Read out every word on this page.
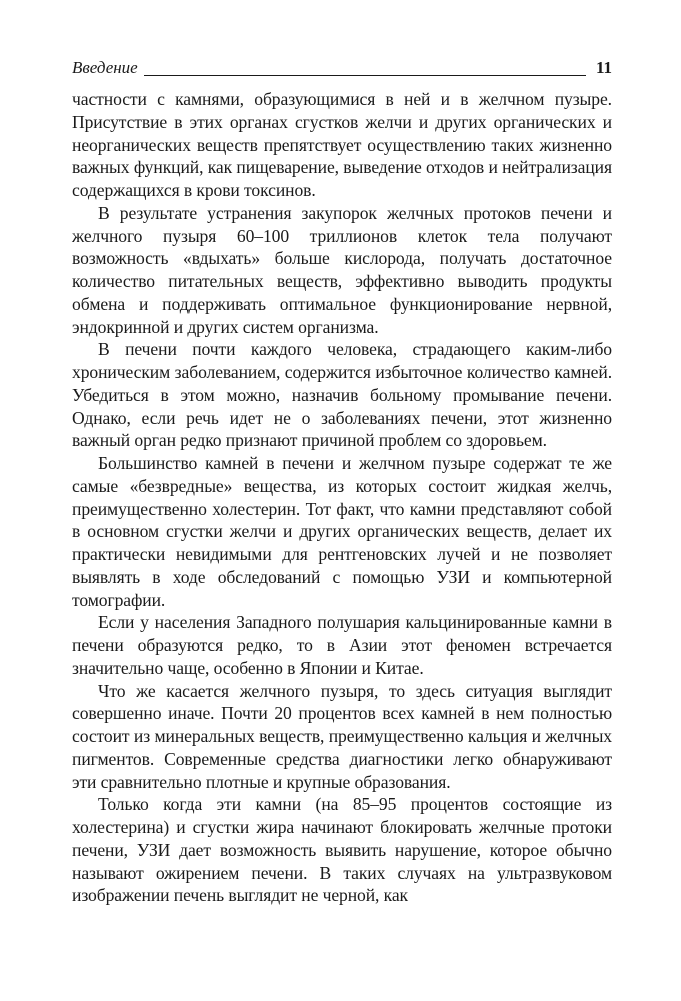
Введение	11

частности с камнями, образующимися в ней и в желчном пузыре. Присутствие в этих органах сгустков желчи и других органических и неорганических веществ препятствует осуществлению таких жизненно важных функций, как пищеварение, выведение отходов и нейтрализация содержащихся в крови токсинов.

В результате устранения закупорок желчных протоков печени и желчного пузыря 60–100 триллионов клеток тела получают возможность «вдыхать» больше кислорода, получать достаточное количество питательных веществ, эффективно выводить продукты обмена и поддерживать оптимальное функционирование нервной, эндокринной и других систем организма.

В печени почти каждого человека, страдающего каким-либо хроническим заболеванием, содержится избыточное количество камней. Убедиться в этом можно, назначив больному промывание печени. Однако, если речь идет не о заболеваниях печени, этот жизненно важный орган редко признают причиной проблем со здоровьем.

Большинство камней в печени и желчном пузыре содержат те же самые «безвредные» вещества, из которых состоит жидкая желчь, преимущественно холестерин. Тот факт, что камни представляют собой в основном сгустки желчи и других органических веществ, делает их практически невидимыми для рентгеновских лучей и не позволяет выявлять в ходе обследований с помощью УЗИ и компьютерной томографии.

Если у населения Западного полушария кальцинированные камни в печени образуются редко, то в Азии этот феномен встречается значительно чаще, особенно в Японии и Китае.

Что же касается желчного пузыря, то здесь ситуация выглядит совершенно иначе. Почти 20 процентов всех камней в нем полностью состоит из минеральных веществ, преимущественно кальция и желчных пигментов. Современные средства диагностики легко обнаруживают эти сравнительно плотные и крупные образования.

Только когда эти камни (на 85–95 процентов состоящие из холестерина) и сгустки жира начинают блокировать желчные протоки печени, УЗИ дает возможность выявить нарушение, которое обычно называют ожирением печени. В таких случаях на ультразвуковом изображении печень выглядит не черной, как
